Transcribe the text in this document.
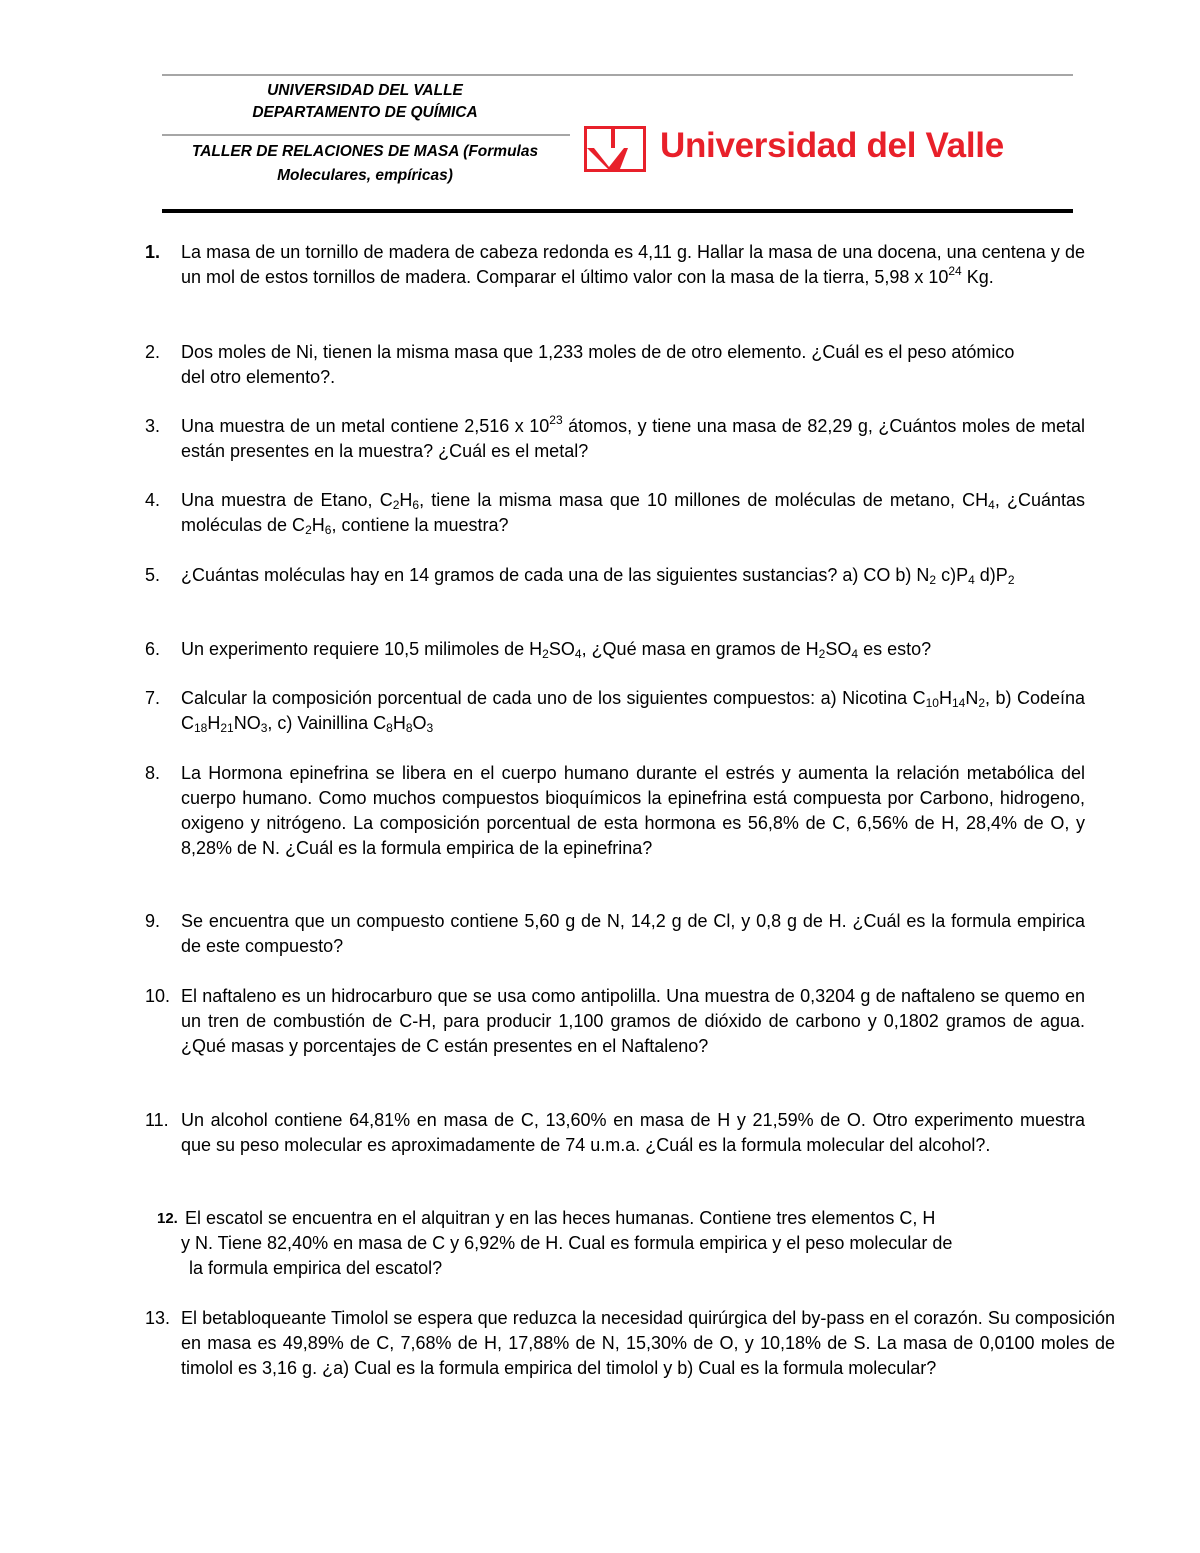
UNIVERSIDAD DEL VALLE
DEPARTAMENTO DE QUÍMICA
TALLER DE RELACIONES DE MASA (Formulas
Moleculares, empíricas)
Universidad del Valle
1. La masa de un tornillo de madera de cabeza redonda es 4,11 g. Hallar la masa de una docena, una centena y de un mol de estos tornillos de madera. Comparar el último valor con la masa de la tierra, 5,98 x $10^{24}$ Kg.
2. Dos moles de Ni, tienen la misma masa que 1,233 moles de de otro elemento. ¿Cuál es el peso atómico del otro elemento?.
3. Una muestra de un metal contiene 2,516 x $10^{23}$ átomos, y tiene una masa de 82,29 g, ¿Cuántos moles de metal están presentes en la muestra? ¿Cuál es el metal?
4. Una muestra de Etano, $C_2H_6$, tiene la misma masa que 10 millones de moléculas de metano, $CH_4$, ¿Cuántas moléculas de $C_2H_6$, contiene la muestra?
5. ¿Cuántas moléculas hay en 14 gramos de cada una de las siguientes sustancias? a) CO b) $N_2$ $c)P_4$ $d)P_2$
6. Un experimento requiere 10,5 milimoles de $H_2SO_4$, ¿Qué masa en gramos de $H_2SO_4$ es esto?
7. Calcular la composición porcentual de cada uno de los siguientes compuestos: a) Nicotina $C_{10}H_{14}N_2$, b) Codeína $C_{18}H_{21}NO_3$, c) Vainillina $C_8H_8O_3$
8. La Hormona epinefrina se libera en el cuerpo humano durante el estrés y aumenta la relación metabólica del cuerpo humano. Como muchos compuestos bioquímicos la epinefrina está compuesta por Carbono, hidrogeno, oxigeno y nitrógeno. La composición porcentual de esta hormona es 56,8% de C, 6,56% de H, 28,4% de O, y 8,28% de N. ¿Cuál es la formula empirica de la epinefrina?
9. Se encuentra que un compuesto contiene 5,60 g de N, 14,2 g de Cl, y 0,8 g de H. ¿Cuál es la formula empirica de este compuesto?
10. El naftaleno es un hidrocarburo que se usa como antipolilla. Una muestra de 0,3204 g de naftaleno se quemo en un tren de combustión de C-H, para producir 1,100 gramos de dióxido de carbono y 0,1802 gramos de agua. ¿Qué masas y porcentajes de C están presentes en el Naftaleno?
11. Un alcohol contiene 64,81% en masa de C, 13,60% en masa de H y 21,59% de O. Otro experimento muestra que su peso molecular es aproximadamente de 74 u.m.a. ¿Cuál es la formula molecular del alcohol?.
12. El escatol se encuentra en el alquitran y en las heces humanas. Contiene tres elementos C, H
y N. Tiene 82,40% en masa de C y 6,92% de H. Cual es formula empirica y el peso molecular de
la formula empirica del escatol?
13. El betabloqueante Timolol se espera que reduzca la necesidad quirúrgica del by-pass en el corazón. Su composición en masa es 49,89% de C, 7,68% de H, 17,88% de N, 15,30% de O, y 10,18% de S. La masa de 0,0100 moles de timolol es 3,16 g. ¿a) Cual es la formula empirica del timolol y b) Cual es la formula molecular?
